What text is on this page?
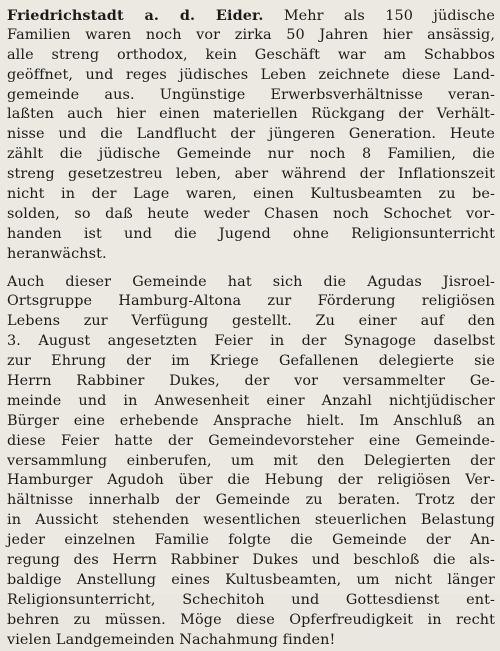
Friedrichstadt a. d. Eider. Mehr als 150 jüdische
Familien waren noch vor zirka 50 Jahren hier ansässig,
alle streng orthodox, kein Geschäft war am Schabbos
geöffnet, und reges jüdisches Leben zeichnete diese Land-
gemeinde aus. Ungünstige Erwerbsverhältnisse veran-
laßten auch hier einen materiellen Rückgang der Verhält-
nisse und die Landflucht der jüngeren Generation. Heute
zählt die jüdische Gemeinde nur noch 8 Familien, die
streng gesetzestreu leben, aber während der Inflationszeit
nicht in der Lage waren, einen Kultusbeamten zu be-
solden, so daß heute weder Chasen noch Schochet vor-
handen ist und die Jugend ohne Religionsunterricht
heranwächst.
Auch dieser Gemeinde hat sich die Agudas Jisroel-
Ortsgruppe Hamburg-Altona zur Förderung religiösen
Lebens zur Verfügung gestellt. Zu einer auf den
3. August angesetzten Feier in der Synagoge daselbst
zur Ehrung der im Kriege Gefallenen delegierte sie
Herrn Rabbiner Dukes, der vor versammelter Ge-
meinde und in Anwesenheit einer Anzahl nichtjüdischer
Bürger eine erhebende Ansprache hielt. Im Anschluß an
diese Feier hatte der Gemeindevorsteher eine Gemeinde-
versammlung einberufen, um mit den Delegierten der
Hamburger Agudoh über die Hebung der religiösen Ver-
hältnisse innerhalb der Gemeinde zu beraten. Trotz der
in Aussicht stehenden wesentlichen steuerlichen Belastung
jeder einzelnen Familie folgte die Gemeinde der An-
regung des Herrn Rabbiner Dukes und beschloß die als-
baldige Anstellung eines Kultusbeamten, um nicht länger
Religionsunterricht, Schechitoh und Gottesdienst ent-
behren zu müssen. Möge diese Opferfreudigkeit in recht
vielen Landgemeinden Nachahmung finden!
